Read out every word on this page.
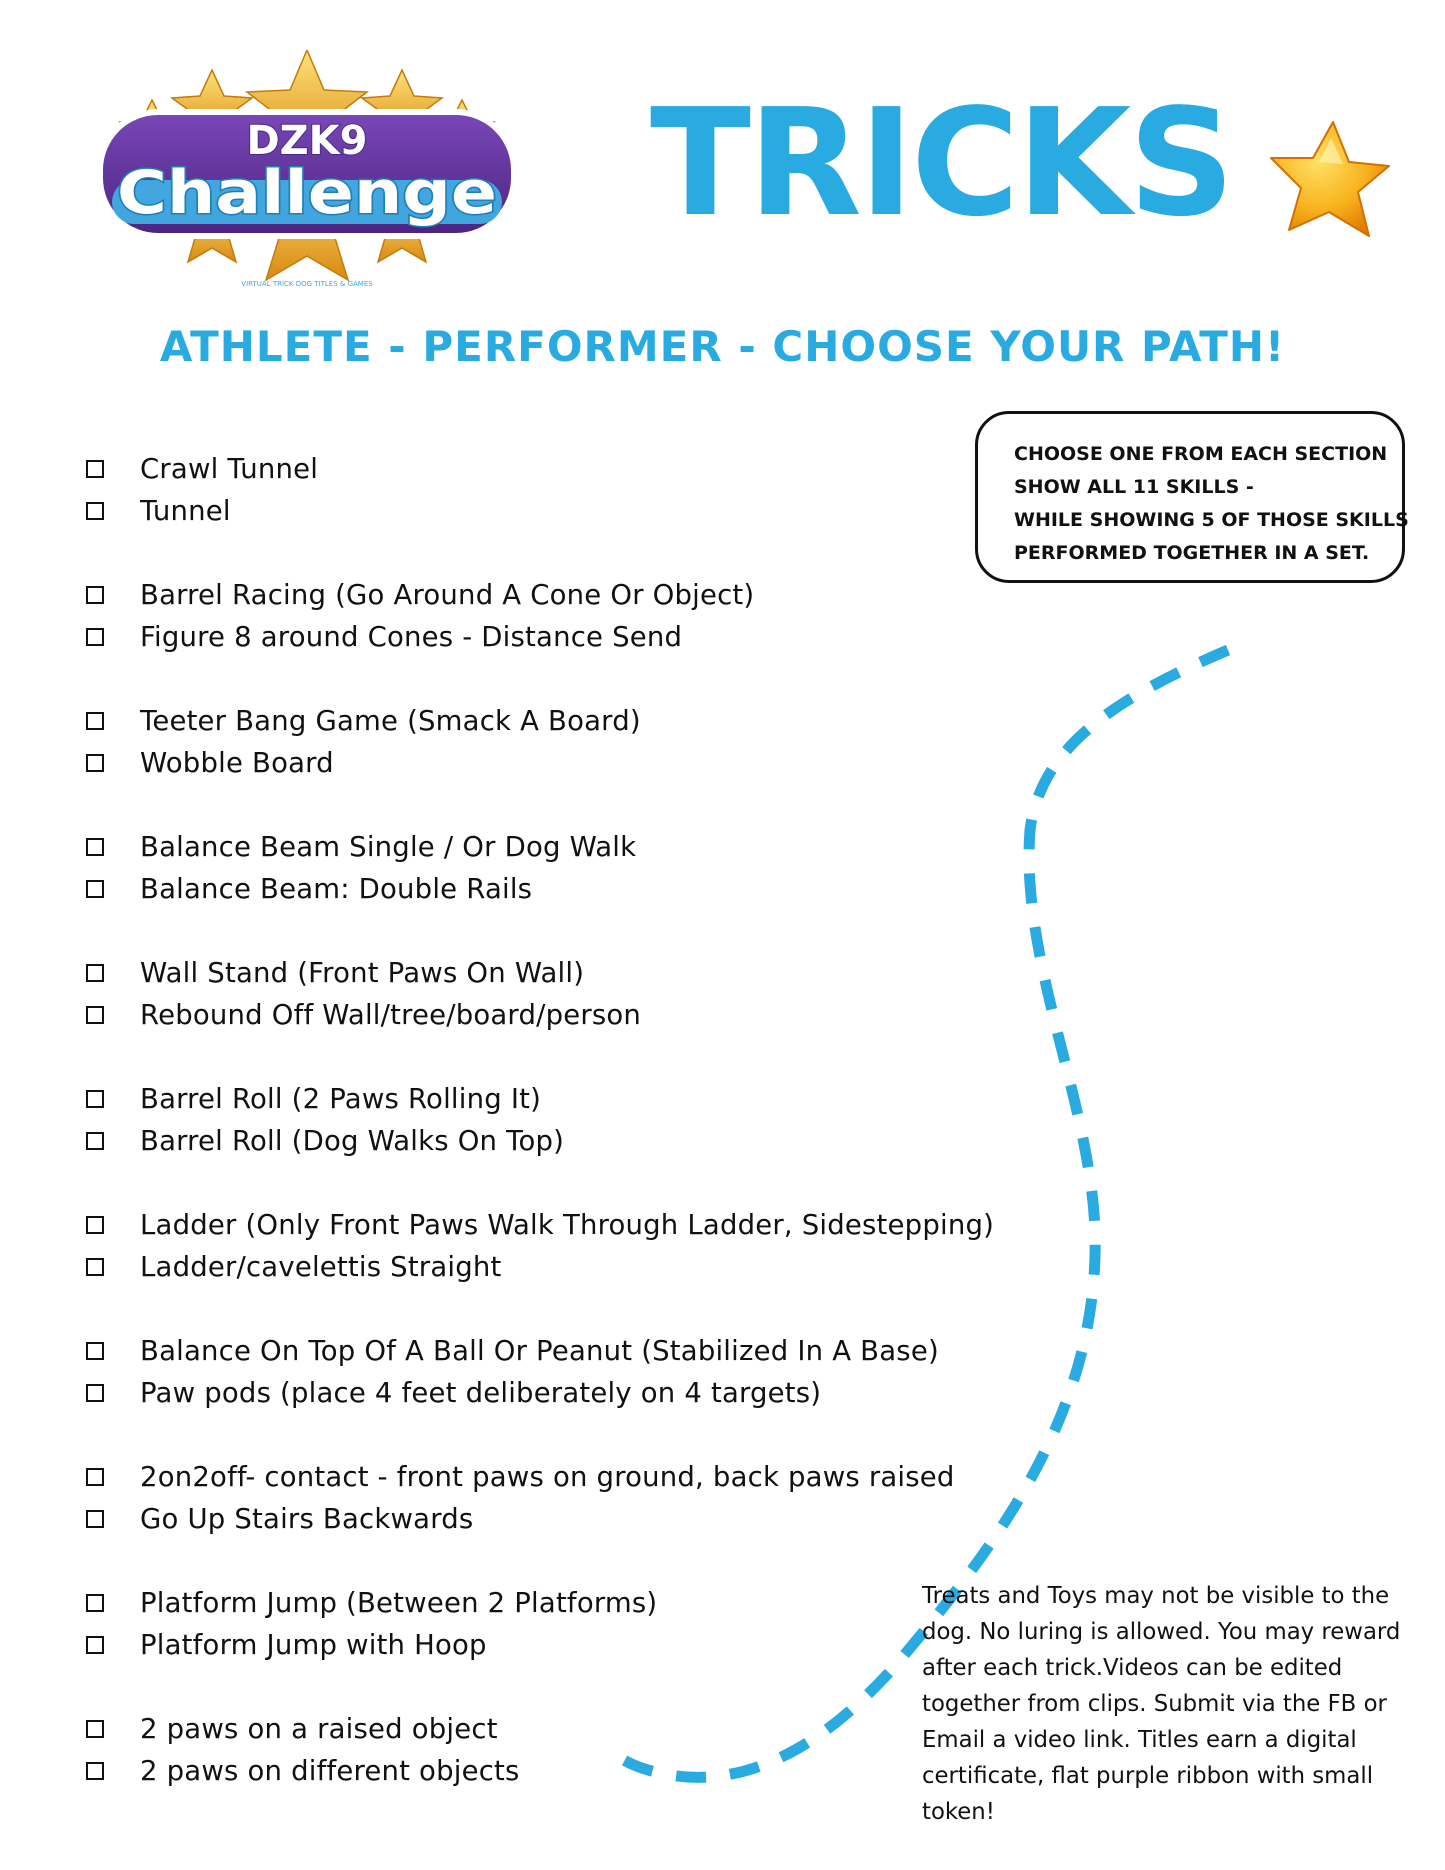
DZK9
Challenge
VIRTUAL TRICK DOG TITLES & GAMES
TRICKS
ATHLETE - PERFORMER - CHOOSE YOUR PATH!
CHOOSE ONE FROM EACH SECTION
SHOW ALL 11 SKILLS -
WHILE SHOWING 5 OF THOSE SKILLS
PERFORMED TOGETHER IN A SET.
Crawl Tunnel
Tunnel
Barrel Racing (Go Around A Cone Or Object)
Figure 8 around Cones - Distance Send
Teeter Bang Game (Smack A Board)
Wobble Board
Balance Beam Single / Or Dog Walk
Balance Beam: Double Rails
Wall Stand (Front Paws On Wall)
Rebound Off Wall/tree/board/person
Barrel Roll (2 Paws Rolling It)
Barrel Roll (Dog Walks On Top)
Ladder (Only Front Paws Walk Through Ladder, Sidestepping)
Ladder/cavelettis Straight
Balance On Top Of A Ball Or Peanut (Stabilized In A Base)
Paw pods (place 4 feet deliberately on 4 targets)
2on2off- contact - front paws on ground, back paws raised
Go Up Stairs Backwards
Platform Jump (Between 2 Platforms)
Platform Jump with Hoop
2 paws on a raised object
2 paws on different objects

Treats and Toys may not be visible to the dog. No luring is allowed. You may reward after each trick.Videos can be edited together from clips. Submit via the FB or Email a video link. Titles earn a digital certificate, flat purple ribbon with small token!
